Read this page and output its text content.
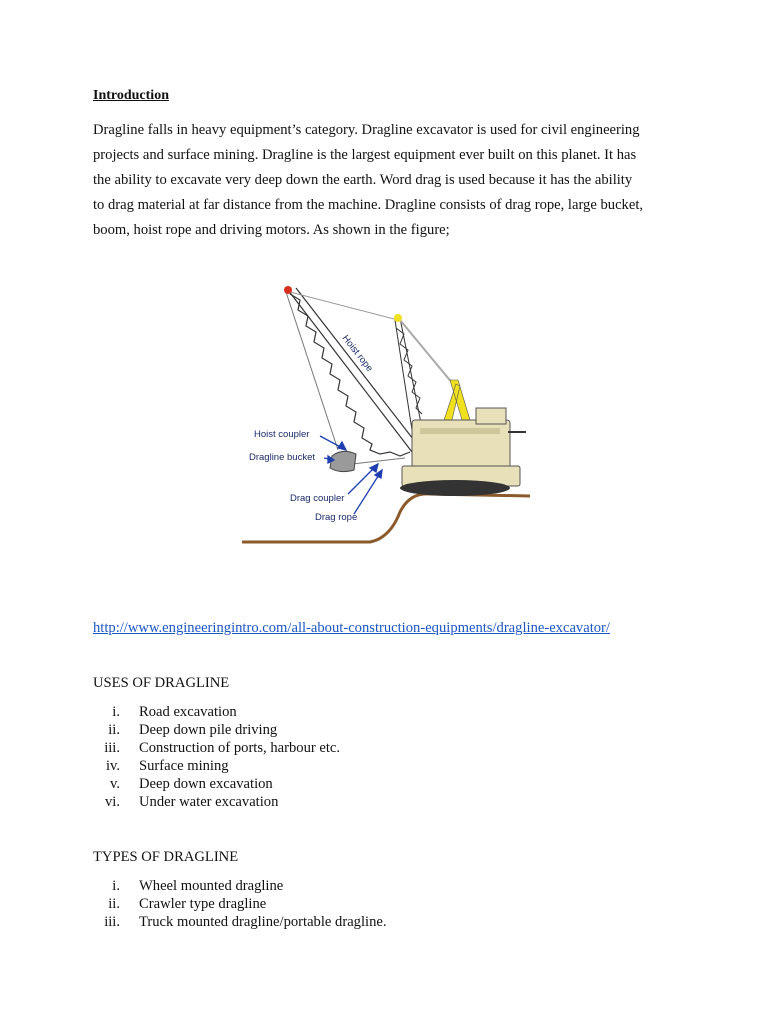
Introduction

Dragline falls in heavy equipment’s category. Dragline excavator is used for civil engineering
projects and surface mining. Dragline is the largest equipment ever built on this planet. It has
the ability to excavate very deep down the earth. Word drag is used because it has the ability
to drag material at far distance from the machine. Dragline consists of drag rope, large bucket,
boom, hoist rope and driving motors. As shown in the figure;

Hoist rope
Hoist coupler
Dragline bucket
Drag coupler
Drag rope
http://www.engineeringintro.com/all-about-construction-equipments/dragline-excavator/
USES OF DRAGLINE
i. Road excavation
ii. Deep down pile driving
iii. Construction of ports, harbour etc.
iv. Surface mining
v. Deep down excavation
vi. Under water excavation
TYPES OF DRAGLINE
i. Wheel mounted dragline
ii. Crawler type dragline
iii. Truck mounted dragline/portable dragline.
